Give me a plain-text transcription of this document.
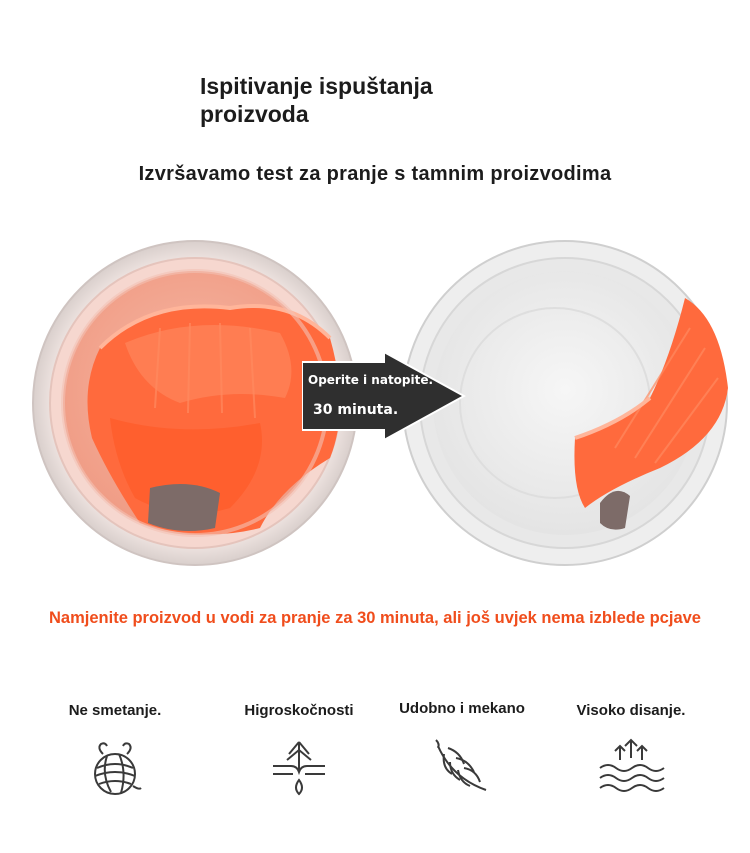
Ispitivanje ispuštanja
proizvoda
Izvršavamo test za pranje s tamnim proizvodima
Operite i natopite.
30 minuta.
Namjenite proizvod u vodi za pranje za 30 minuta, ali još uvjek nema izblede pcjave
Ne smetanje.	Higroskočnosti	Udobno i mekano	Visoko disanje.
